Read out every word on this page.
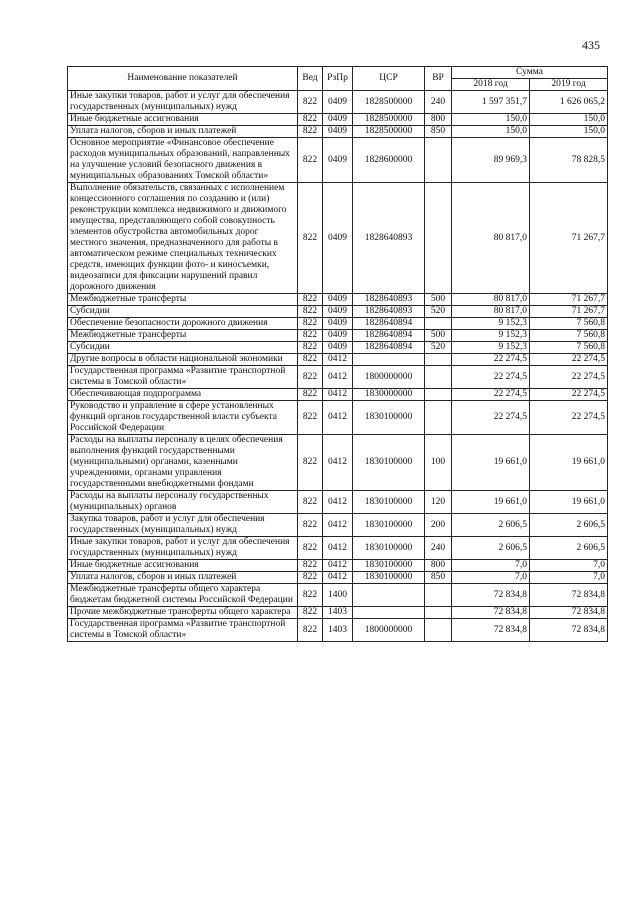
435
Наименование показателей	Вед	РзПр	ЦСР	ВР	Сумма	
					2018 год	2019 год
Иные закупки товаров, работ и услуг для обеспечения государственных (муниципальных) нужд	822	0409	1828500000	240	1 597 351,7	1 626 065,2
Иные бюджетные ассигнования	822	0409	1828500000	800	150,0	150,0
Уплата налогов, сборов и иных платежей	822	0409	1828500000	850	150,0	150,0
Основное мероприятие «Финансовое обеспечение расходов муниципальных образований, направленных на улучшение условий безопасного движения в муниципальных образованиях Томской области»	822	0409	1828600000		89 969,3	78 828,5
Выполнение обязательств, связанных с исполнением концессионного соглашения по созданию и (или) реконструкции комплекса недвижимого и движимого имущества, представляющего собой совокупность элементов обустройства автомобильных дорог местного значения, предназначенного для работы в автоматическом режиме специальных технических средств, имеющих функции фото- и киносъемки, видеозаписи для фиксации нарушений правил дорожного движения	822	0409	1828640893		80 817,0	71 267,7
Межбюджетные трансферты	822	0409	1828640893	500	80 817,0	71 267,7
Субсидии	822	0409	1828640893	520	80 817,0	71 267,7
Обеспечение безопасности дорожного движения	822	0409	1828640894		9 152,3	7 560,8
Межбюджетные трансферты	822	0409	1828640894	500	9 152,3	7 560,8
Субсидии	822	0409	1828640894	520	9 152,3	7 560,8
Другие вопросы в области национальной экономики	822	0412			22 274,5	22 274,5
Государственная программа «Развитие транспортной системы в Томской области»	822	0412	1800000000		22 274,5	22 274,5
Обеспечивающая подпрограмма	822	0412	1830000000		22 274,5	22 274,5
Руководство и управление в сфере установленных функций органов государственной власти субъекта Российской Федерации	822	0412	1830100000		22 274,5	22 274,5
Расходы на выплаты персоналу в целях обеспечения выполнения функций государственными (муниципальными) органами, казенными учреждениями, органами управления государственными внебюджетными фондами	822	0412	1830100000	100	19 661,0	19 661,0
Расходы на выплаты персоналу государственных (муниципальных) органов	822	0412	1830100000	120	19 661,0	19 661,0
Закупка товаров, работ и услуг для обеспечения государственных (муниципальных) нужд	822	0412	1830100000	200	2 606,5	2 606,5
Иные закупки товаров, работ и услуг для обеспечения государственных (муниципальных) нужд	822	0412	1830100000	240	2 606,5	2 606,5
Иные бюджетные ассигнования	822	0412	1830100000	800	7,0	7,0
Уплата налогов, сборов и иных платежей	822	0412	1830100000	850	7,0	7,0
Межбюджетные трансферты общего характера бюджетам бюджетной системы Российской Федерации	822	1400			72 834,8	72 834,8
Прочие межбюджетные трансферты общего характера	822	1403			72 834,8	72 834,8
Государственная программа «Развитие транспортной системы в Томской области»	822	1403	1800000000		72 834,8	72 834,8
